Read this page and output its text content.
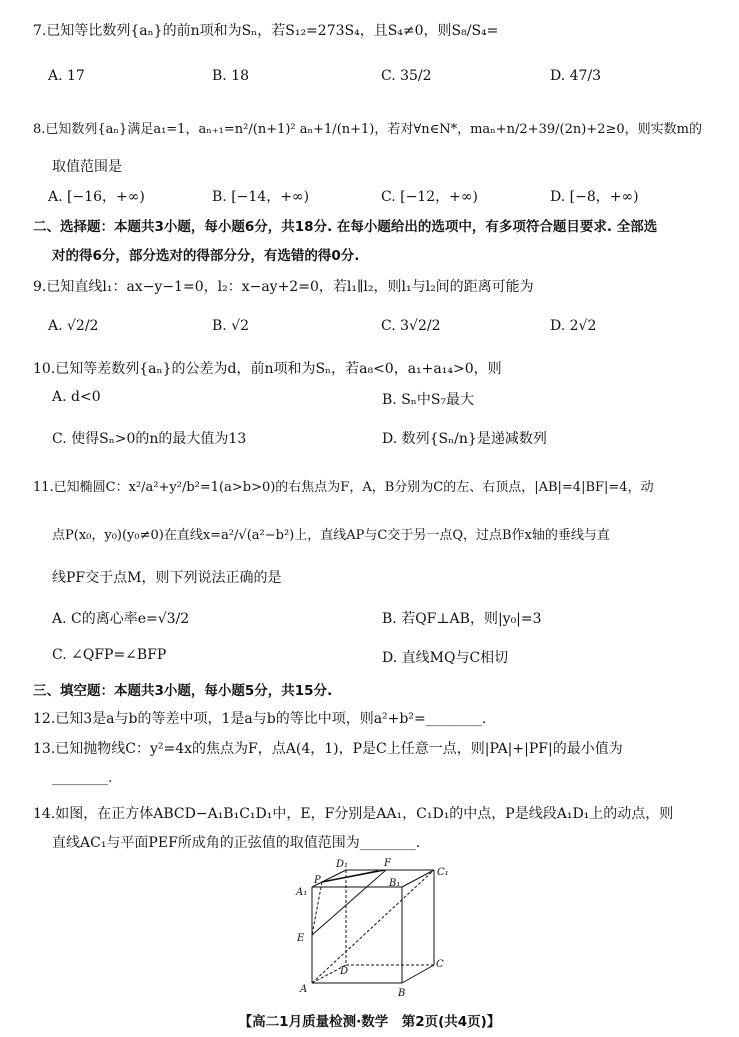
7.已知等比数列{aₙ}的前n项和为Sₙ，若S₁₂=273S₄，且S₄≠0，则S₈/S₄=
A. 17	B. 18	C. 35/2	D. 47/3
8.已知数列{aₙ}满足a₁=1，aₙ₊₁=n²/(n+1)² aₙ+1/(n+1)，若对∀n∈N*，maₙ+n/2+39/(2n)+2≥0，则实数m的
取值范围是
A. [−16，+∞)	B. [−14，+∞)	C. [−12，+∞)	D. [−8，+∞)
二、选择题：本题共3小题，每小题6分，共18分. 在每小题给出的选项中，有多项符合题目要求. 全部选
对的得6分，部分选对的得部分分，有选错的得0分.
9.已知直线l₁：ax−y−1=0，l₂：x−ay+2=0，若l₁∥l₂，则l₁与l₂间的距离可能为
A. √2/2	B. √2	C. 3√2/2	D. 2√2
10.已知等差数列{aₙ}的公差为d，前n项和为Sₙ，若a₈<0，a₁+a₁₄>0，则
A. d<0	B. Sₙ中S₇最大
C. 使得Sₙ>0的n的最大值为13	D. 数列{Sₙ/n}是递减数列
11.已知椭圆C：x²/a²+y²/b²=1(a>b>0)的右焦点为F，A，B分别为C的左、右顶点，|AB|=4|BF|=4，动
点P(x₀，y₀)(y₀≠0)在直线x=a²/√(a²−b²)上，直线AP与C交于另一点Q，过点B作x轴的垂线与直
线PF交于点M，则下列说法正确的是
A. C的离心率e=√3/2	B. 若QF⊥AB，则|y₀|=3
C. ∠QFP=∠BFP	D. 直线MQ与C相切
三、填空题：本题共3小题，每小题5分，共15分.
12.已知3是a与b的等差中项，1是a与b的等比中项，则a²+b²=________.
13.已知抛物线C：y²=4x的焦点为F，点A(4，1)，P是C上任意一点，则|PA|+|PF|的最小值为
________.
14.如图，在正方体ABCD−A₁B₁C₁D₁中，E，F分别是AA₁，C₁D₁的中点，P是线段A₁D₁上的动点，则
直线AC₁与平面PEF所成角的正弦值的取值范围为________.
D₁	F
C₁
P	B₁
A₁
E
D
C
A	B
【高二1月质量检测·数学　第2页(共4页)】
